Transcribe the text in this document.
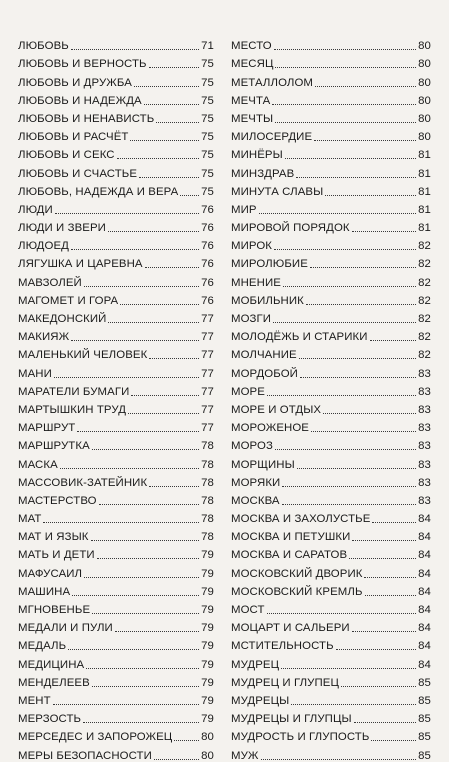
ЛЮБОВЬ	71
ЛЮБОВЬ И ВЕРНОСТЬ	75
ЛЮБОВЬ И ДРУЖБА	75
ЛЮБОВЬ И НАДЕЖДА	75
ЛЮБОВЬ И НЕНАВИСТЬ	75
ЛЮБОВЬ И РАСЧЁТ	75
ЛЮБОВЬ И СЕКС	75
ЛЮБОВЬ И СЧАСТЬЕ	75
ЛЮБОВЬ, НАДЕЖДА И ВЕРА 75
ЛЮДИ	76
ЛЮДИ И ЗВЕРИ	76
ЛЮДОЕД	76
ЛЯГУШКА И ЦАРЕВНА	76
МАВЗОЛЕЙ	76
МАГОМЕТ И ГОРА	76
МАКЕДОНСКИЙ	77
МАКИЯЖ	77
МАЛЕНЬКИЙ ЧЕЛОВЕК	77
МАНИ	77
МАРАТЕЛИ БУМАГИ	77
МАРТЫШКИН ТРУД	77
МАРШРУТ	77
МАРШРУТКА	78
МАСКА	78
МАССОВИК-ЗАТЕЙНИК	78
МАСТЕРСТВО	78
МАТ	78
МАТ И ЯЗЫК	78
МАТЬ И ДЕТИ	79
МАФУСАИЛ	79
МАШИНА	79
МГНОВЕНЬЕ	79
МЕДАЛИ И ПУЛИ	79
МЕДАЛЬ	79
МЕДИЦИНА	79
МЕНДЕЛЕЕВ	79
МЕНТ	79
МЕРЗОСТЬ	79
МЕРСЕДЕС И ЗАПОРОЖЕЦ	80
МЕРЫ БЕЗОПАСНОСТИ	80
МЕСТО	80
МЕСЯЦ	80
МЕТАЛЛОЛОМ	80
МЕЧТА	80
МЕЧТЫ	80
МИЛОСЕРДИЕ	80
МИНЁРЫ	81
МИНЗДРАВ	81
МИНУТА СЛАВЫ	81
МИР	81
МИРОВОЙ ПОРЯДОК	81
МИРОК	82
МИРОЛЮБИЕ	82
МНЕНИЕ	82
МОБИЛЬНИК	82
МОЗГИ	82
МОЛОДЁЖЬ И СТАРИКИ	82
МОЛЧАНИЕ	82
МОРДОБОЙ	83
МОРЕ	83
МОРЕ И ОТДЫХ	83
МОРОЖЕНОЕ	83
МОРОЗ	83
МОРЩИНЫ	83
МОРЯКИ	83
МОСКВА	83
МОСКВА И ЗАХОЛУСТЬЕ	84
МОСКВА И ПЕТУШКИ	84
МОСКВА И САРАТОВ	84
МОСКОВСКИЙ ДВОРИК	84
МОСКОВСКИЙ КРЕМЛЬ	84
МОСТ	84
МОЦАРТ И САЛЬЕРИ	84
МСТИТЕЛЬНОСТЬ	84
МУДРЕЦ	84
МУДРЕЦ И ГЛУПЕЦ	85
МУДРЕЦЫ	85
МУДРЕЦЫ И ГЛУПЦЫ	85
МУДРОСТЬ И ГЛУПОСТЬ	85
МУЖ	85
